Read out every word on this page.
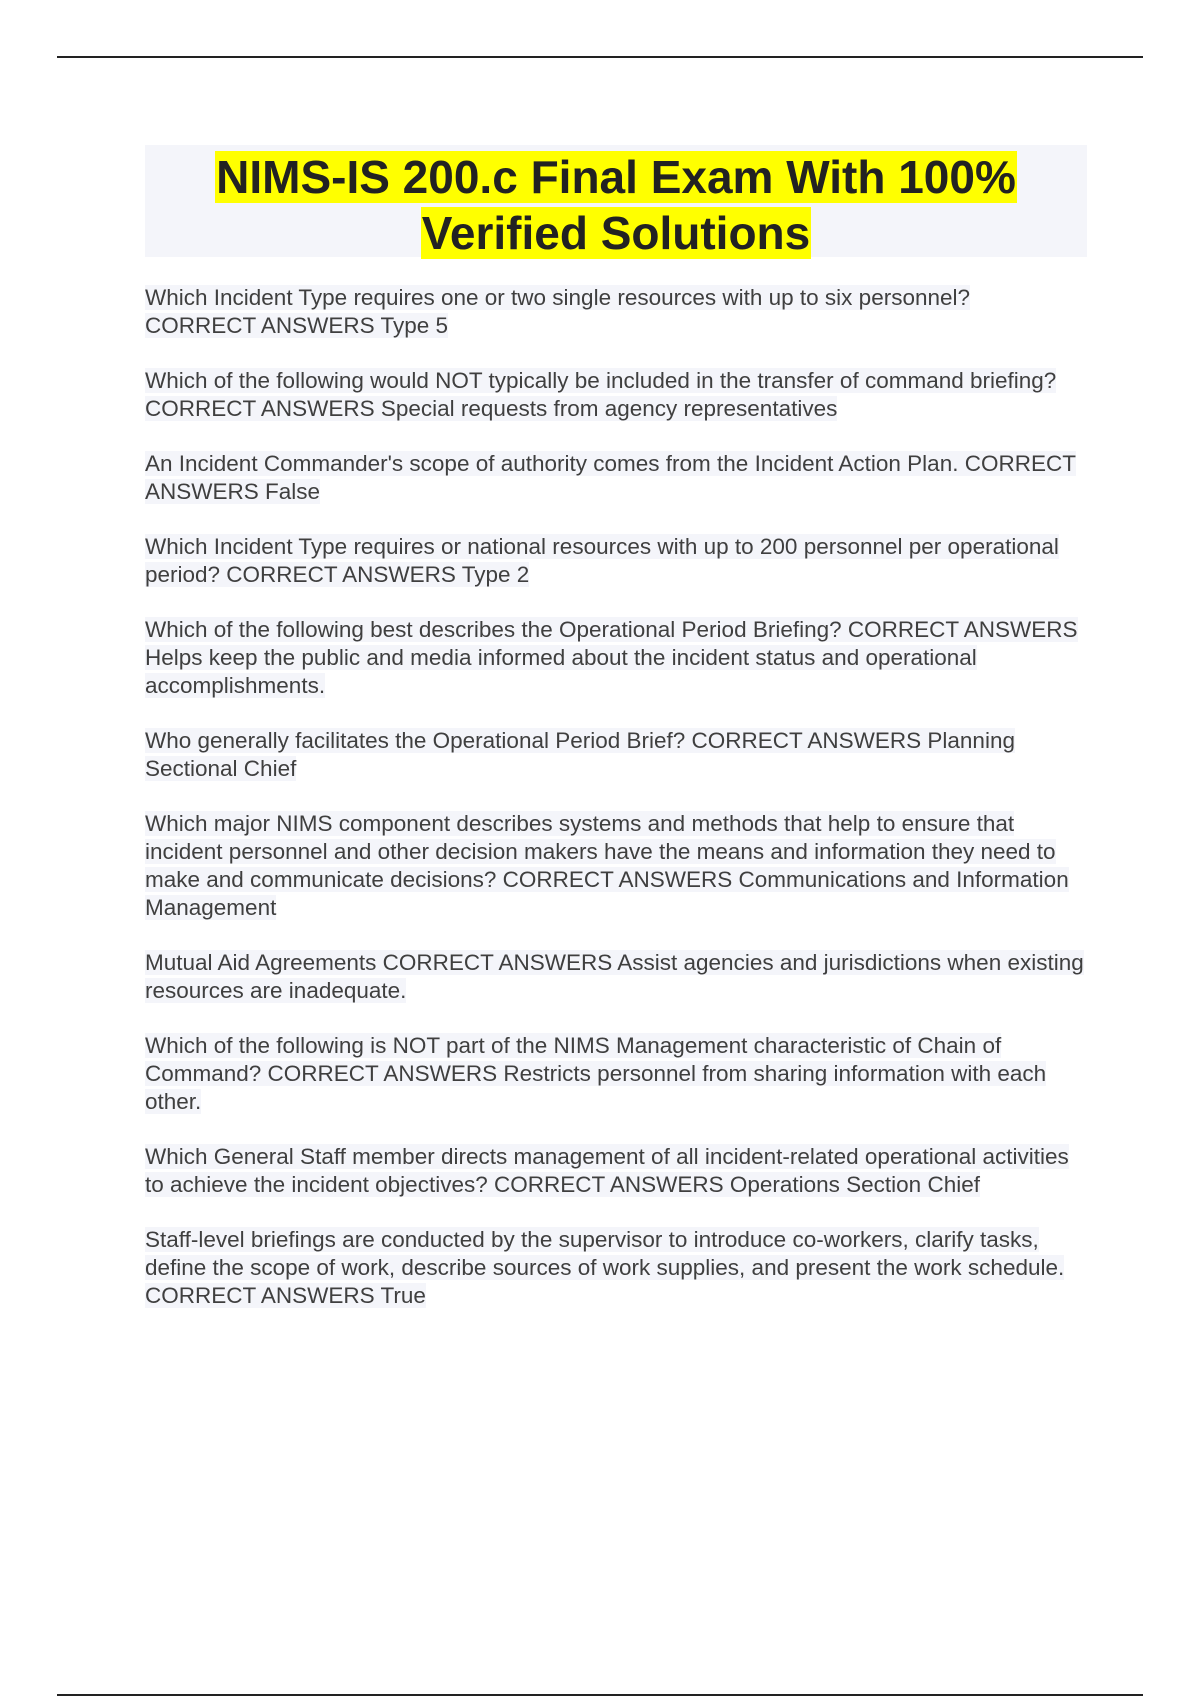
NIMS-IS 200.c Final Exam With 100%
Verified Solutions
Which Incident Type requires one or two single resources with up to six personnel? CORRECT ANSWERS Type 5
Which of the following would NOT typically be included in the transfer of command briefing? CORRECT ANSWERS Special requests from agency representatives
An Incident Commander's scope of authority comes from the Incident Action Plan. CORRECT ANSWERS False
Which Incident Type requires or national resources with up to 200 personnel per operational period? CORRECT ANSWERS Type 2
Which of the following best describes the Operational Period Briefing? CORRECT ANSWERS Helps keep the public and media informed about the incident status and operational accomplishments.
Who generally facilitates the Operational Period Brief? CORRECT ANSWERS Planning Sectional Chief
Which major NIMS component describes systems and methods that help to ensure that incident personnel and other decision makers have the means and information they need to make and communicate decisions? CORRECT ANSWERS Communications and Information Management
Mutual Aid Agreements CORRECT ANSWERS Assist agencies and jurisdictions when existing resources are inadequate.
Which of the following is NOT part of the NIMS Management characteristic of Chain of Command? CORRECT ANSWERS Restricts personnel from sharing information with each other.
Which General Staff member directs management of all incident-related operational activities to achieve the incident objectives? CORRECT ANSWERS Operations Section Chief
Staff-level briefings are conducted by the supervisor to introduce co-workers, clarify tasks, define the scope of work, describe sources of work supplies, and present the work schedule. CORRECT ANSWERS True
